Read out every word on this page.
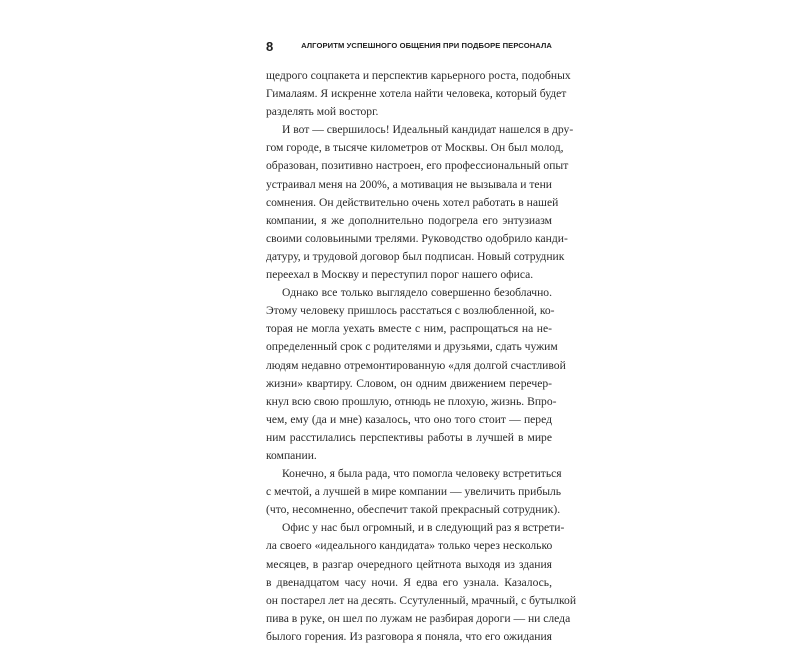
8	АЛГОРИТМ УСПЕШНОГО ОБЩЕНИЯ ПРИ ПОДБОРЕ ПЕРСОНАЛА

щедрого соцпакета и перспектив карьерного роста, подобных

Гималаям. Я искренне хотела найти человека, который будет

разделять мой восторг.

И вот — свершилось! Идеальный кандидат нашелся в дру-

гом городе, в тысяче километров от Москвы. Он был молод,

образован, позитивно настроен, его профессиональный опыт

устраивал меня на 200%, а мотивация не вызывала и тени

сомнения. Он действительно очень хотел работать в нашей

компании, я же дополнительно подогрела его энтузиазм

своими соловьиными трелями. Руководство одобрило канди-

датуру, и трудовой договор был подписан. Новый сотрудник

переехал в Москву и переступил порог нашего офиса.

Однако все только выглядело совершенно безоблачно.

Этому человеку пришлось расстаться с возлюбленной, ко-

торая не могла уехать вместе с ним, распрощаться на не-

определенный срок с родителями и друзьями, сдать чужим

людям недавно отремонтированную «для долгой счастливой

жизни» квартиру. Словом, он одним движением перечер-

кнул всю свою прошлую, отнюдь не плохую, жизнь. Впро-

чем, ему (да и мне) казалось, что оно того стоит — перед

ним расстилались перспективы работы в лучшей в мире

компании.

Конечно, я была рада, что помогла человеку встретиться

с мечтой, а лучшей в мире компании — увеличить прибыль

(что, несомненно, обеспечит такой прекрасный сотрудник).

Офис у нас был огромный, и в следующий раз я встрети-

ла своего «идеального кандидата» только через несколько

месяцев, в разгар очередного цейтнота выходя из здания

в двенадцатом часу ночи. Я едва его узнала. Казалось,

он постарел лет на десять. Ссутуленный, мрачный, с бутылкой

пива в руке, он шел по лужам не разбирая дороги — ни следа

былого горения. Из разговора я поняла, что его ожидания
